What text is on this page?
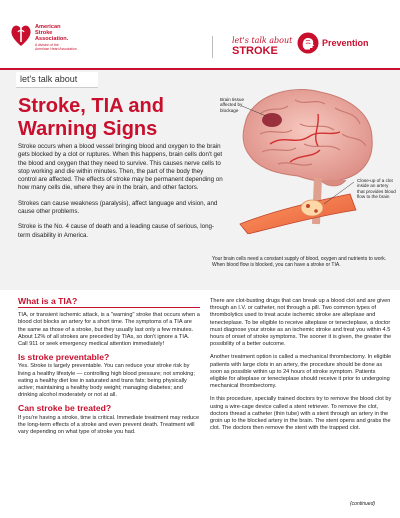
American
Stroke
Association.
A division of the
American Heart Association
let's talk about
STROKE
Prevention
let's talk about
Stroke, TIA and Warning Signs

Stroke occurs when a blood vessel bringing blood and oxygen to the brain gets blocked by a clot or ruptures. When this happens, brain cells don't get the blood and oxygen that they need to survive. This causes nerve cells to stop working and die within minutes. Then, the part of the body they control are affected. The effects of stroke may be permanent depending on how many cells die, where they are in the brain, and other factors.

Strokes can cause weakness (paralysis), affect language and vision, and cause other problems.

Stroke is the No. 4 cause of death and a leading cause of serious, long-term disability in America.

Brain tissue affected by blockage
Close-up of a clot inside an artery that provides blood flow to the brain
Your brain cells need a constant supply of blood, oxygen and nutrients to work. When blood flow is blocked, you can have a stroke or TIA.
What is a TIA?

TIA, or transient ischemic attack, is a "warning" stroke that occurs when a blood clot blocks an artery for a short time. The symptoms of a TIA are the same as those of a stroke, but they usually last only a few minutes. About 12% of all strokes are preceded by TIAs, so don't ignore a TIA. Call 911 or seek emergency medical attention immediately!

Is stroke preventable?

Yes. Stroke is largely preventable. You can reduce your stroke risk by living a healthy lifestyle — controlling high blood pressure; not smoking; eating a healthy diet low in saturated and trans fats; being physically active; maintaining a healthy body weight; managing diabetes; and drinking alcohol moderately or not at all.

Can stroke be treated?

If you're having a stroke, time is critical. Immediate treatment may reduce the long-term effects of a stroke and even prevent death. Treatment will vary depending on what type of stroke you had.

There are clot-busting drugs that can break up a blood clot and are given through an I.V. or catheter, not through a pill. Two common types of thrombolytics used to treat acute ischemic stroke are alteplase and tenecteplase. To be eligible to receive alteplase or tenecteplase, a doctor must diagnose your stroke as an ischemic stroke and treat you within 4.5 hours of onset of stroke symptoms. The sooner it is given, the greater the possibility of a better outcome.

Another treatment option is called a mechanical thrombectomy. In eligible patients with large clots in an artery, the procedure should be done as soon as possible within up to 24 hours of stroke symptom. Patients eligible for alteplase or tenecteplase should receive it prior to undergoing mechanical thrombectomy.

In this procedure, specially trained doctors try to remove the blood clot by using a wire-cage device called a stent retriever. To remove the clot, doctors thread a catheter (thin tube) with a stent through an artery in the groin up to the blocked artery in the brain. The stent opens and grabs the clot. The doctors then remove the stent with the trapped clot.

(continued)
